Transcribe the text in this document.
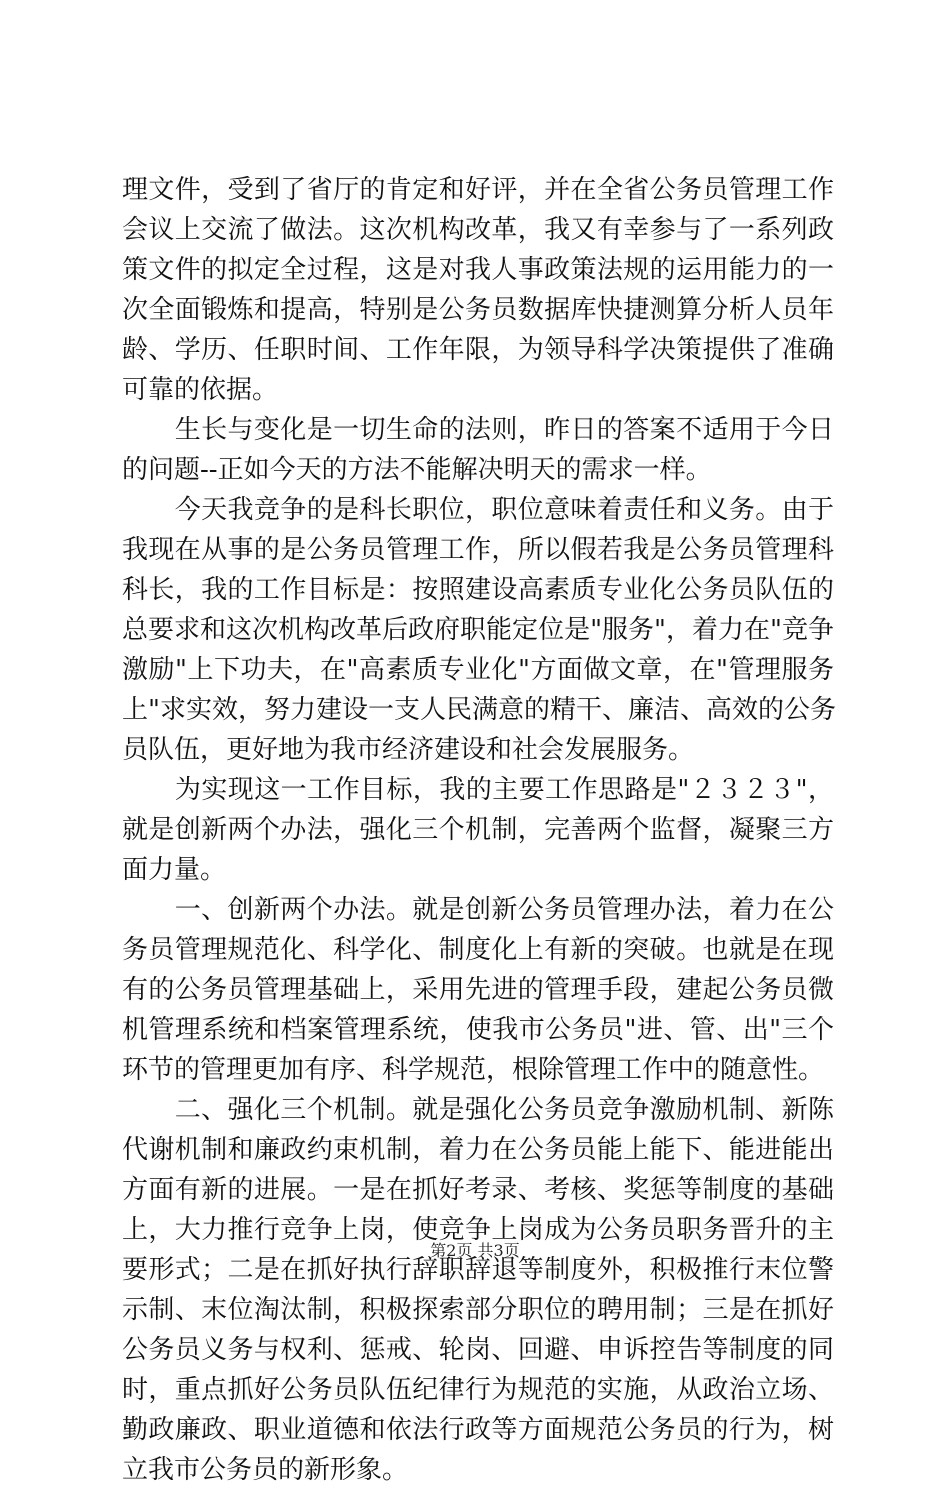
理文件，受到了省厅的肯定和好评，并在全省公务员管理工作
会议上交流了做法。这次机构改革，我又有幸参与了一系列政
策文件的拟定全过程，这是对我人事政策法规的运用能力的一
次全面锻炼和提高，特别是公务员数据库快捷测算分析人员年
龄、学历、任职时间、工作年限，为领导科学决策提供了准确
可靠的依据。
　　生长与变化是一切生命的法则，昨日的答案不适用于今日
的问题--正如今天的方法不能解决明天的需求一样。
　　今天我竞争的是科长职位，职位意味着责任和义务。由于
我现在从事的是公务员管理工作，所以假若我是公务员管理科
科长，我的工作目标是：按照建设高素质专业化公务员队伍的
总要求和这次机构改革后政府职能定位是"服务"，着力在"竞争
激励"上下功夫，在"高素质专业化"方面做文章，在"管理服务
上"求实效，努力建设一支人民满意的精干、廉洁、高效的公务
员队伍，更好地为我市经济建设和社会发展服务。
　　为实现这一工作目标，我的主要工作思路是"２３２３"，
就是创新两个办法，强化三个机制，完善两个监督，凝聚三方
面力量。
　　一、创新两个办法。就是创新公务员管理办法，着力在公
务员管理规范化、科学化、制度化上有新的突破。也就是在现
有的公务员管理基础上，采用先进的管理手段，建起公务员微
机管理系统和档案管理系统，使我市公务员"进、管、出"三个
环节的管理更加有序、科学规范，根除管理工作中的随意性。
　　二、强化三个机制。就是强化公务员竞争激励机制、新陈
代谢机制和廉政约束机制，着力在公务员能上能下、能进能出
方面有新的进展。一是在抓好考录、考核、奖惩等制度的基础
上，大力推行竞争上岗，使竞争上岗成为公务员职务晋升的主
要形式；二是在抓好执行辞职辞退等制度外，积极推行末位警
示制、末位淘汰制，积极探索部分职位的聘用制；三是在抓好
公务员义务与权利、惩戒、轮岗、回避、申诉控告等制度的同
时，重点抓好公务员队伍纪律行为规范的实施，从政治立场、
勤政廉政、职业道德和依法行政等方面规范公务员的行为，树
立我市公务员的新形象。
第2页 共3页
